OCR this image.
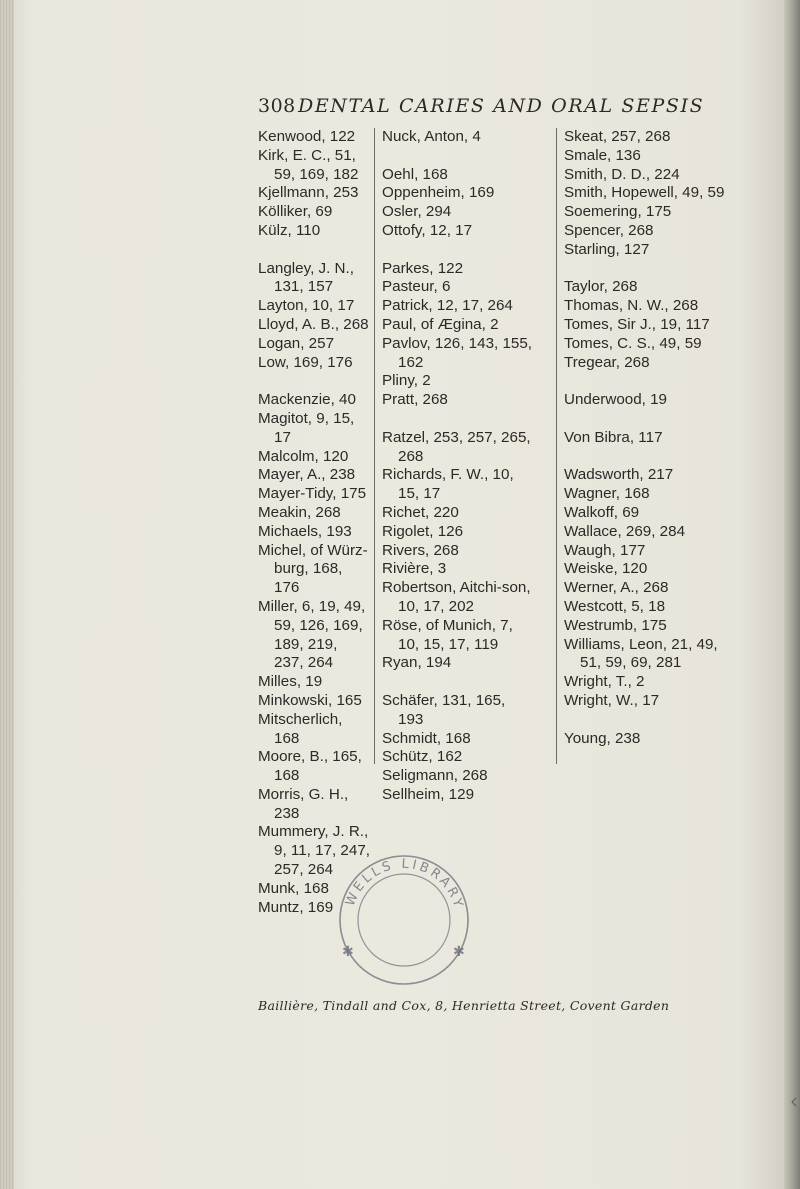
308 DENTAL CARIES AND ORAL SEPSIS

Kenwood, 122

Kirk, E. C., 51, 59, 169, 182

Kjellmann, 253

Kölliker, 69

Külz, 110

Langley, J. N., 131, 157

Layton, 10, 17

Lloyd, A. B., 268

Logan, 257

Low, 169, 176

Mackenzie, 40

Magitot, 9, 15, 17

Malcolm, 120

Mayer, A., 238

Mayer-Tidy, 175

Meakin, 268

Michaels, 193

Michel, of Würz-burg, 168, 176

Miller, 6, 19, 49, 59, 126, 169, 189, 219, 237, 264

Milles, 19

Minkowski, 165

Mitscherlich, 168

Moore, B., 165, 168

Morris, G. H., 238

Mummery, J. R., 9, 11, 17, 247, 257, 264

Munk, 168

Muntz, 169

Nuck, Anton, 4

Oehl, 168

Oppenheim, 169

Osler, 294

Ottofy, 12, 17

Parkes, 122

Pasteur, 6

Patrick, 12, 17, 264

Paul, of Ægina, 2

Pavlov, 126, 143, 155, 162

Pliny, 2

Pratt, 268

Ratzel, 253, 257, 265, 268

Richards, F. W., 10, 15, 17

Richet, 220

Rigolet, 126

Rivers, 268

Rivière, 3

Robertson, Aitchi-son, 10, 17, 202

Röse, of Munich, 7, 10, 15, 17, 119

Ryan, 194

Schäfer, 131, 165, 193

Schmidt, 168

Schütz, 162

Seligmann, 268

Sellheim, 129

Skeat, 257, 268

Smale, 136

Smith, D. D., 224

Smith, Hopewell, 49, 59

Soemering, 175

Spencer, 268

Starling, 127

Taylor, 268

Thomas, N. W., 268

Tomes, Sir J., 19, 117

Tomes, C. S., 49, 59

Tregear, 268

Underwood, 19

Von Bibra, 117

Wadsworth, 217

Wagner, 168

Walkoff, 69

Wallace, 269, 284

Waugh, 177

Weiske, 120

Werner, A., 268

Westcott, 5, 18

Westrumb, 175

Williams, Leon, 21, 49, 51, 59, 69, 281

Wright, T., 2

Wright, W., 17

Young, 238

WELLS LIBRARY
✱	✱
Baillière, Tindall and Cox, 8, Henrietta Street, Covent Garden
